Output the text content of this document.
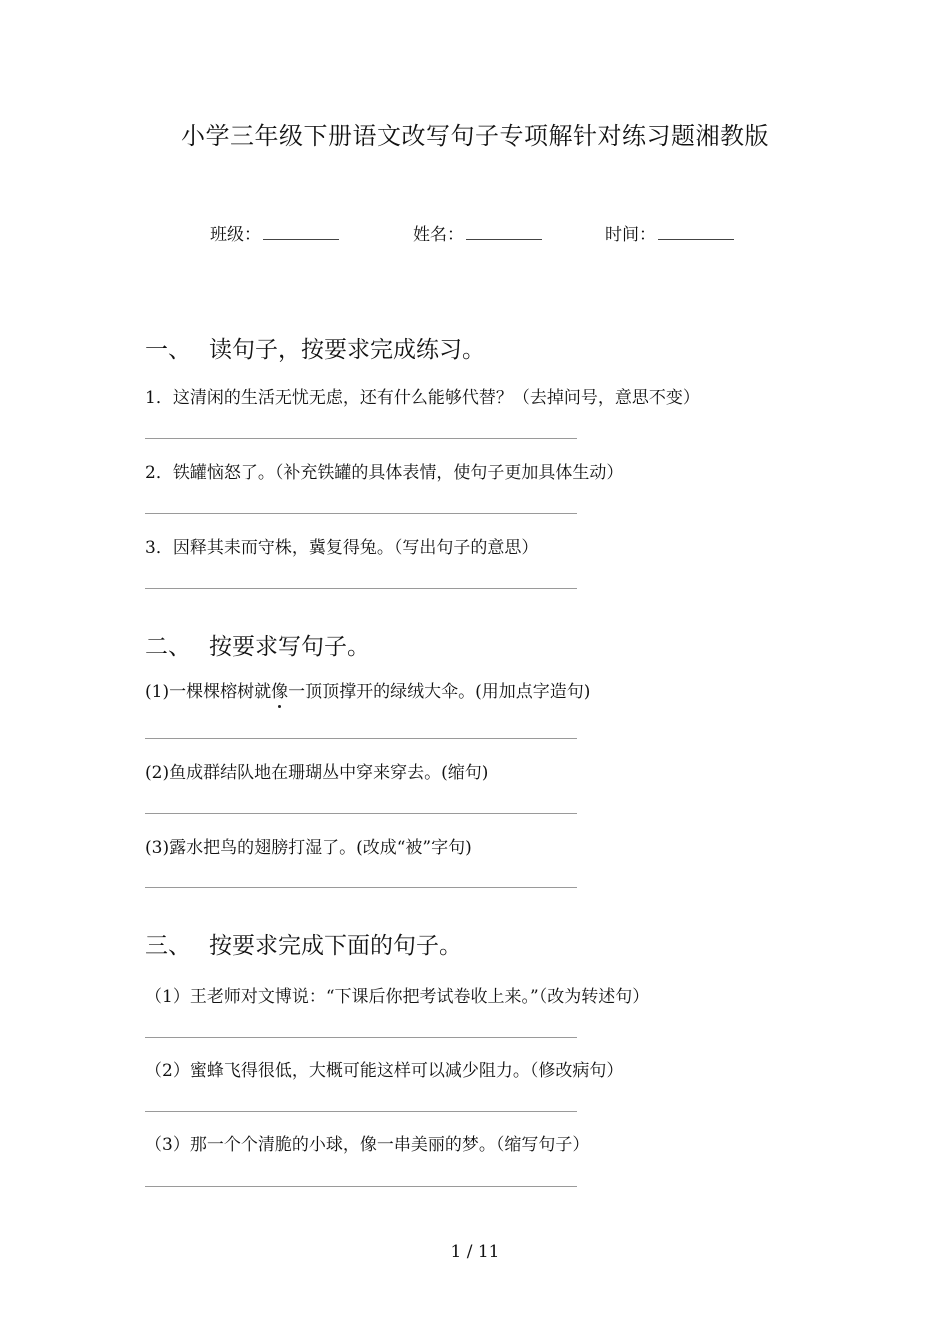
小学三年级下册语文改写句子专项解针对练习题湘教版
班级：	姓名：	时间：
一、 读句子，按要求完成练习。
1．这清闲的生活无忧无虑，还有什么能够代替？（去掉问号，意思不变）
2．铁罐恼怒了。（补充铁罐的具体表情，使句子更加具体生动）
3．因释其耒而守株，冀复得兔。（写出句子的意思）
二、 按要求写句子。
(1)一棵棵榕树就像一顶顶撑开的绿绒大伞。(用加点字造句)
(2)鱼成群结队地在珊瑚丛中穿来穿去。(缩句)
(3)露水把鸟的翅膀打湿了。(改成“被”字句)
三、 按要求完成下面的句子。
（1）王老师对文博说：“下课后你把考试卷收上来。”（改为转述句）
（2）蜜蜂飞得很低，大概可能这样可以减少阻力。（修改病句）
（3）那一个个清脆的小球，像一串美丽的梦。（缩写句子）
1 / 11
